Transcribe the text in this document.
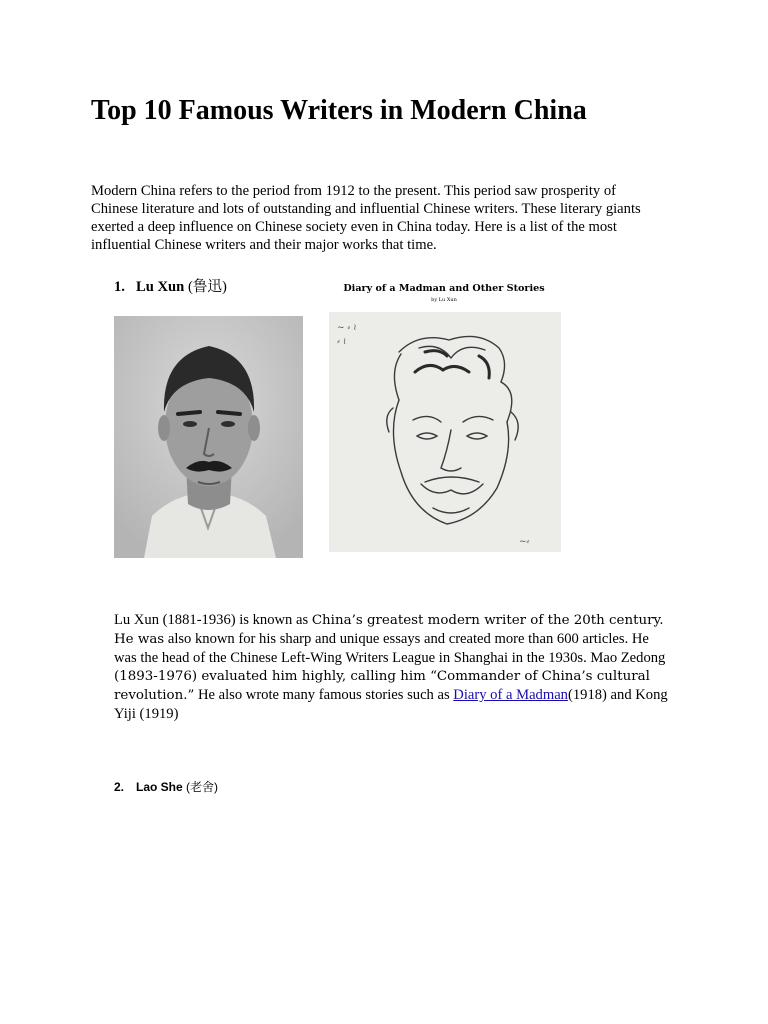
Top 10 Famous Writers in Modern China

Modern China refers to the period from 1912 to the present. This period saw prosperity of Chinese literature and lots of outstanding and influential Chinese writers. These literary giants exerted a deep influence on Chinese society even in China today. Here is a list of the most influential Chinese writers and their major works that time.

1. Lu Xun (鲁迅)	Diary of a Madman and Other Stories
by Lu Xun
~ ⸗ ≀
⸗ ≀
~⸗

Lu Xun (1881-1936) is known as China’s greatest modern writer of the 20th century. He was also known for his sharp and unique essays and created more than 600 articles. He was the head of the Chinese Left-Wing Writers League in Shanghai in the 1930s. Mao Zedong (1893-1976) evaluated him highly, calling him “Commander of China’s cultural revolution.” He also wrote many famous stories such as Diary of a Madman(1918) and Kong Yiji (1919)

2. Lao She (老舍)
